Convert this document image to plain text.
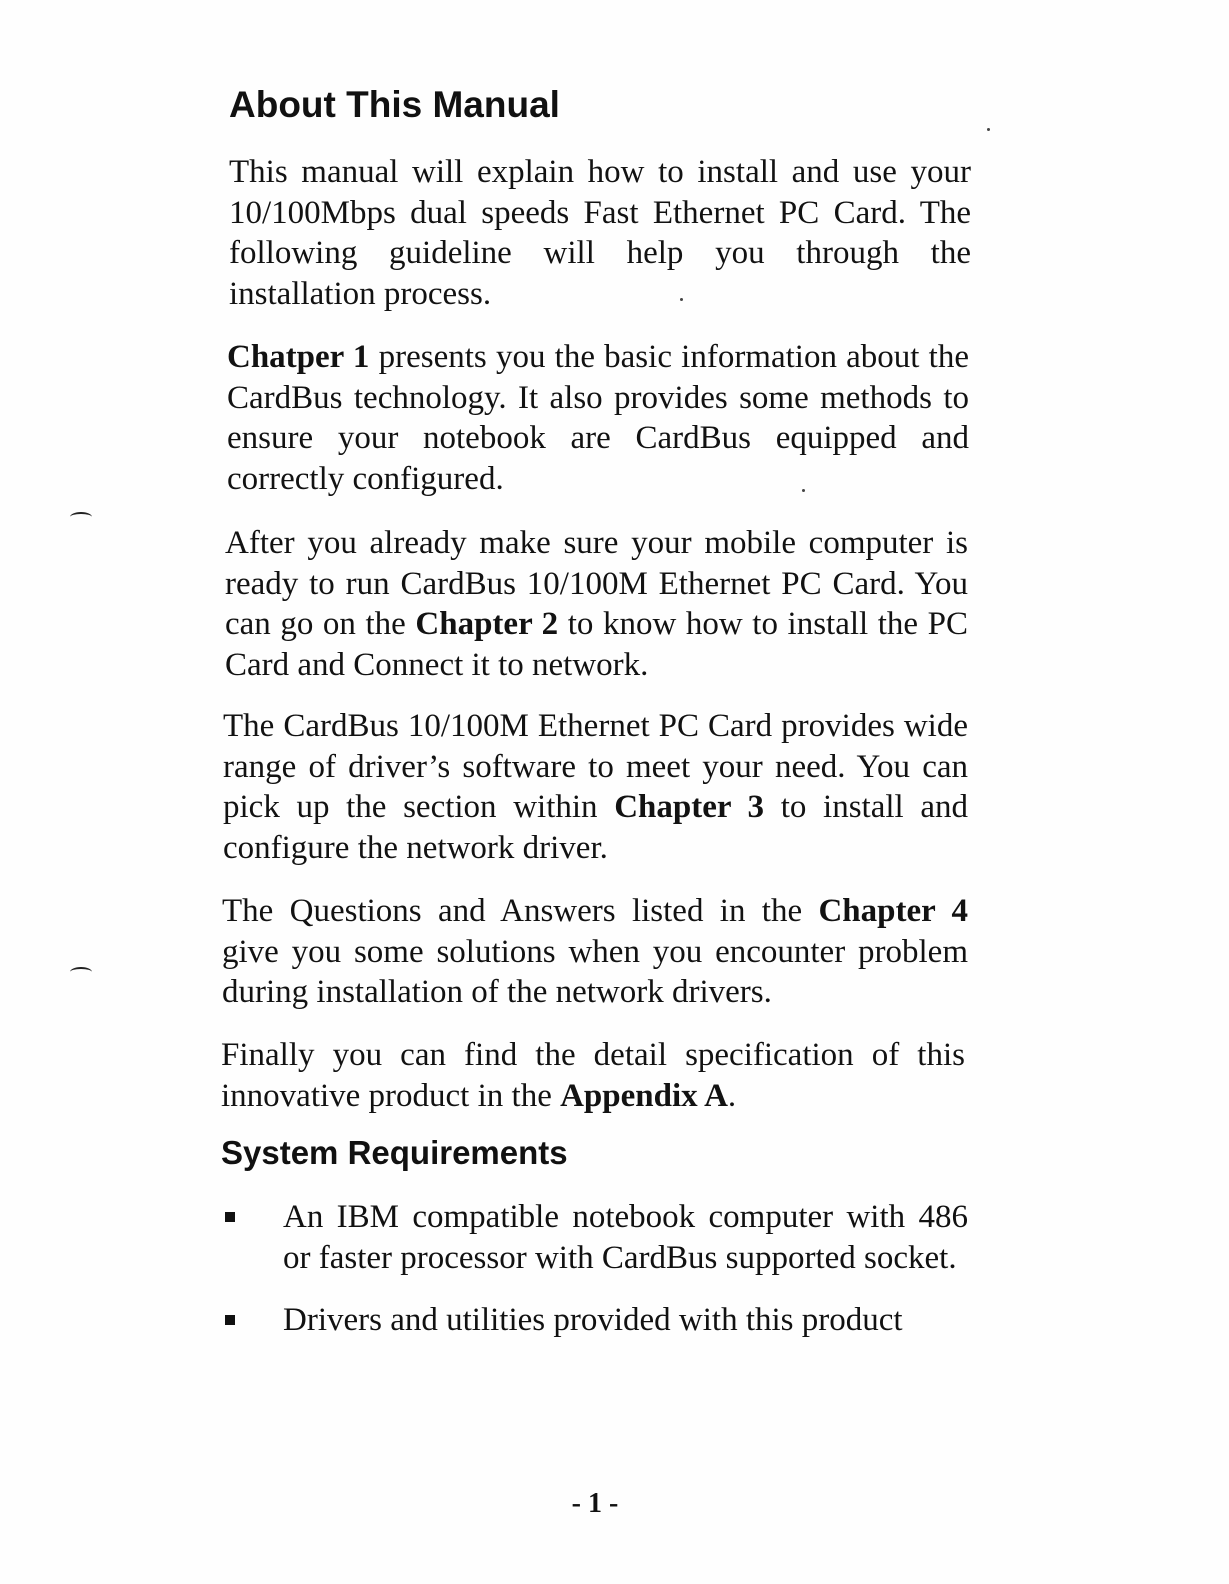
About This Manual

This manual will explain how to install and use your 10/100Mbps dual speeds Fast Ethernet PC Card. The following guideline will help you through the installation process.

Chatper 1 presents you the basic information about the CardBus technology. It also provides some methods to ensure your notebook are CardBus equipped and correctly configured.

After you already make sure your mobile computer is ready to run CardBus 10/100M Ethernet PC Card. You can go on the Chapter 2 to know how to install the PC Card and Connect it to network.

The CardBus 10/100M Ethernet PC Card provides wide range of driver’s software to meet your need. You can pick up the section within Chapter 3 to install and configure the network driver.

The Questions and Answers listed in the Chapter 4 give you some solutions when you encounter problem during installation of the network drivers.

Finally you can find the detail specification of this innovative product in the Appendix A.

System Requirements
An IBM compatible notebook computer with 486 or faster processor with CardBus supported socket.
Drivers and utilities provided with this product
- 1 -
